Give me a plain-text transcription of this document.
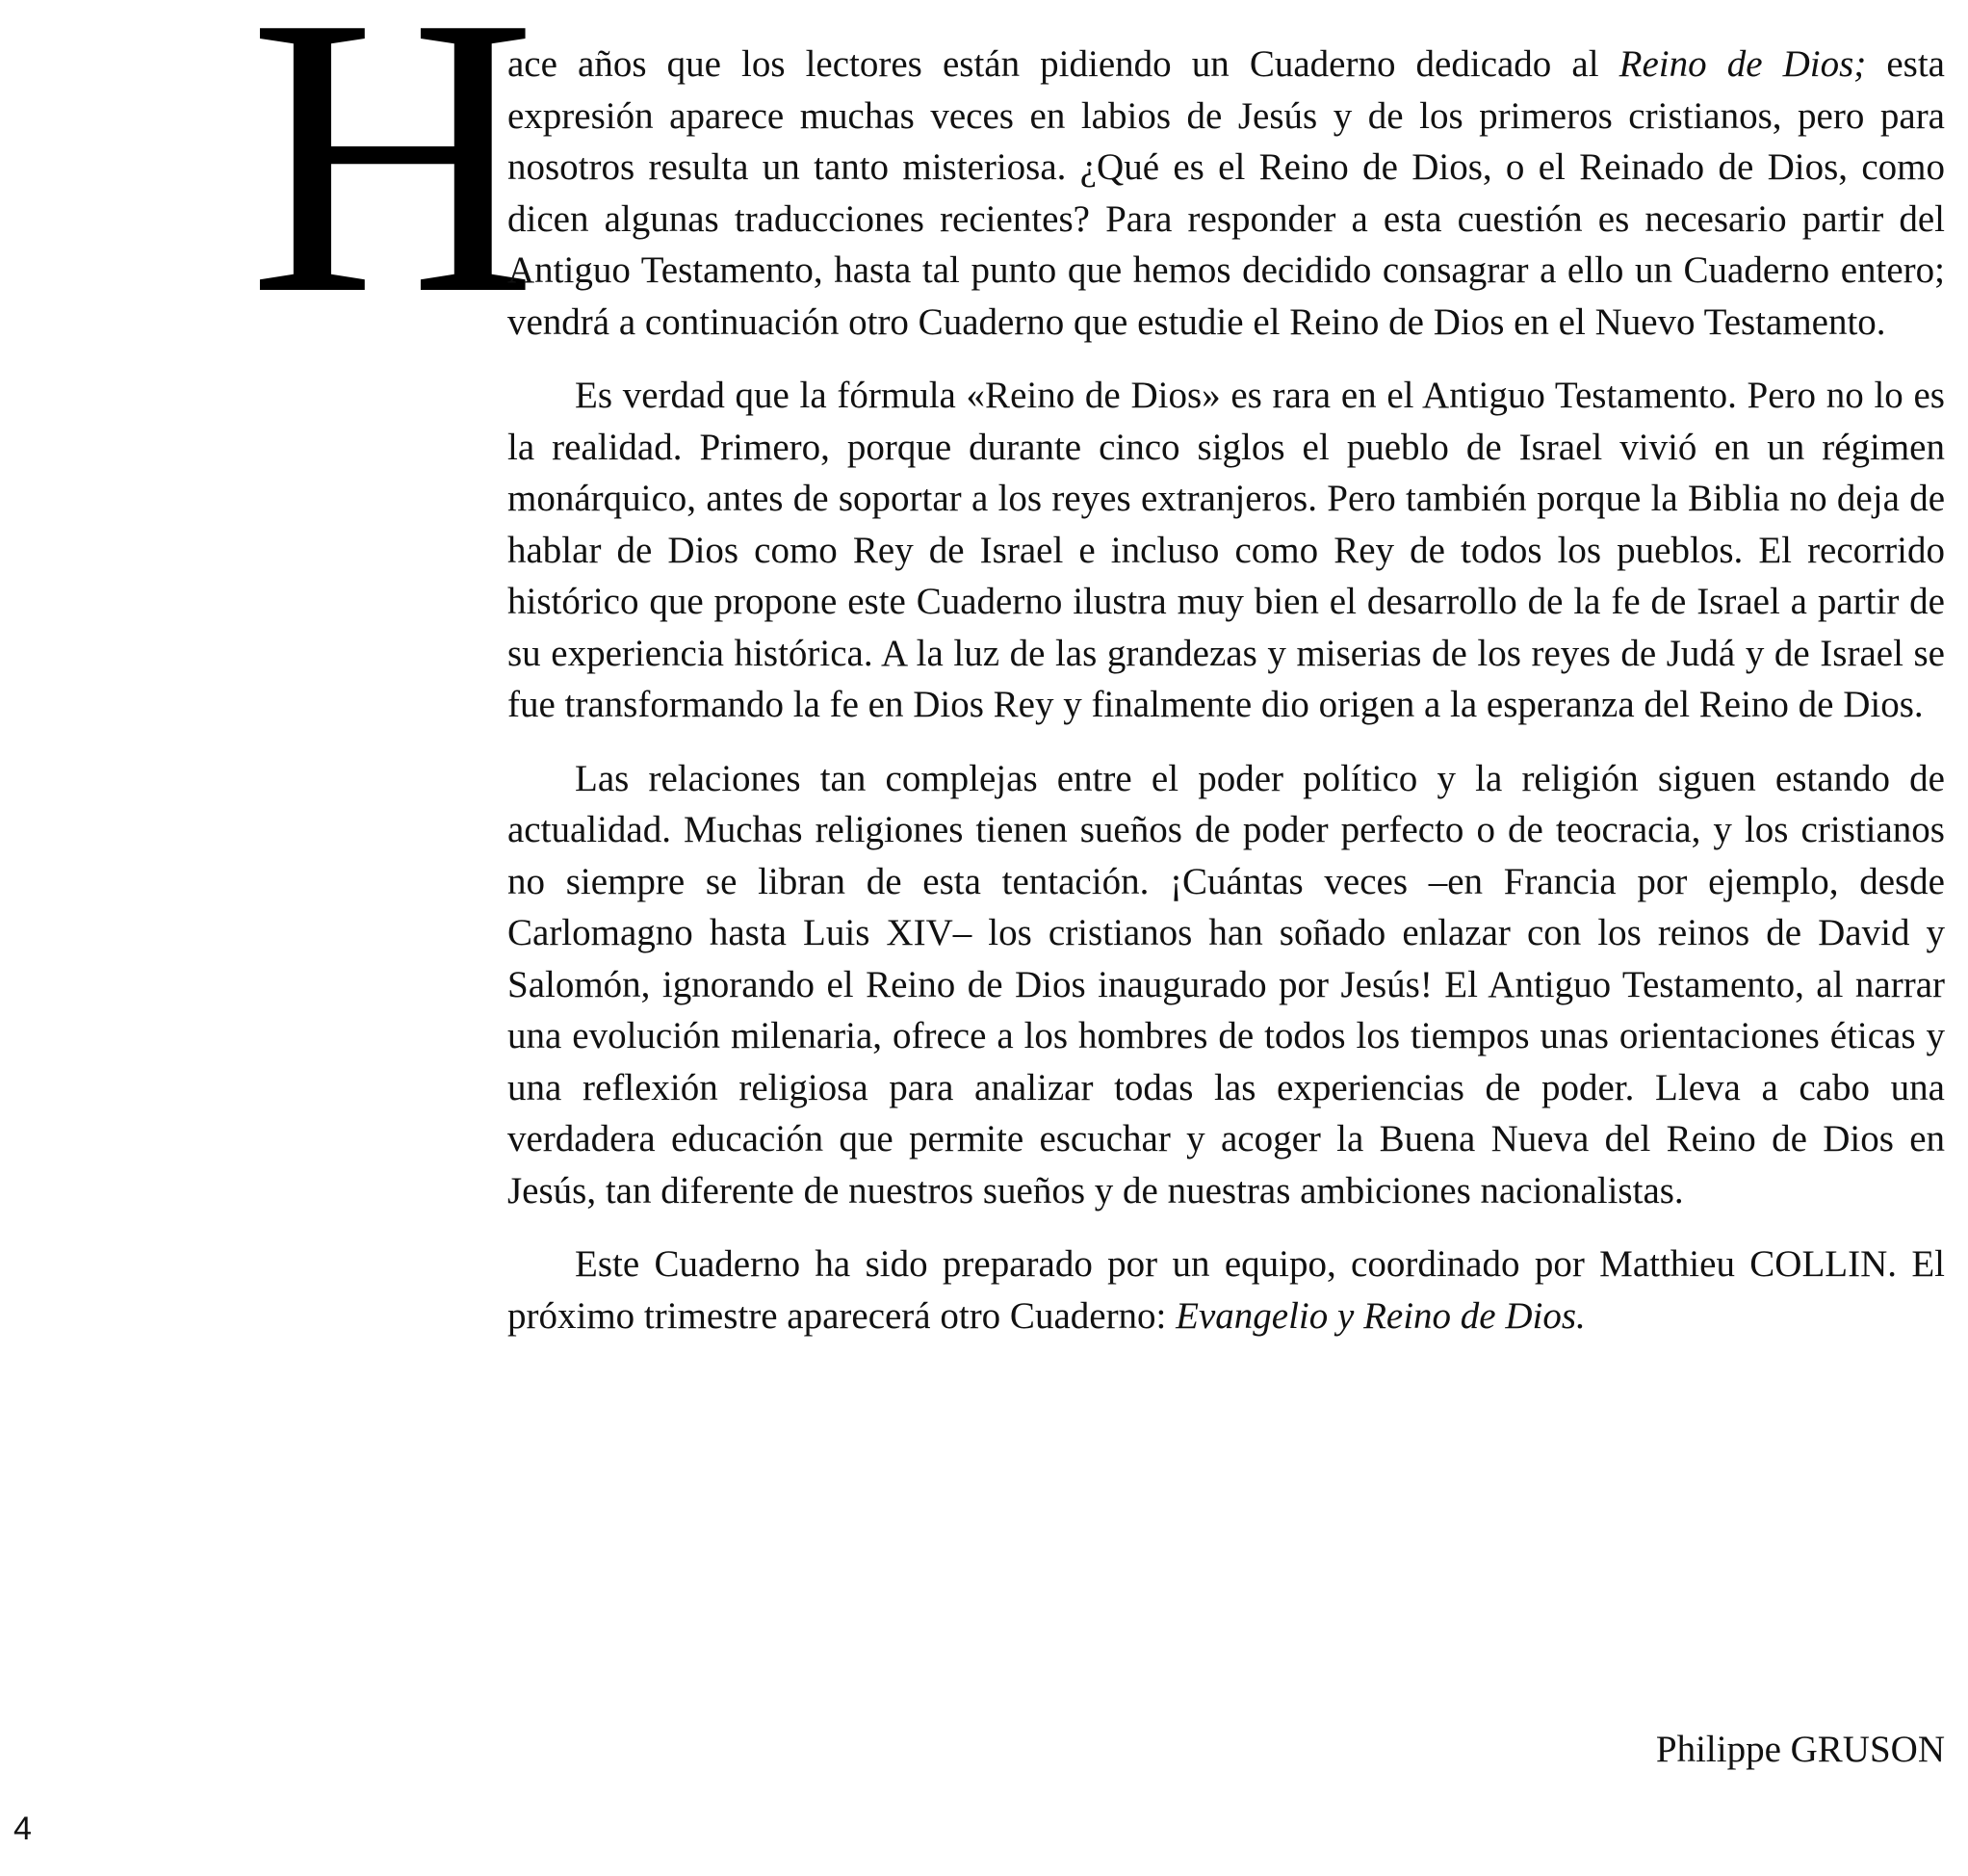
H

ace años que los lectores están pidiendo un Cuaderno dedicado al Reino de Dios; esta expresión aparece muchas veces en labios de Jesús y de los primeros cristianos, pero para nosotros resulta un tanto misteriosa. ¿Qué es el Reino de Dios, o el Reinado de Dios, como dicen algunas traducciones recientes? Para responder a esta cuestión es necesario partir del Antiguo Testamento, hasta tal punto que hemos decidido consagrar a ello un Cuaderno entero; vendrá a continuación otro Cuaderno que estudie el Reino de Dios en el Nuevo Testamento.

Es verdad que la fórmula «Reino de Dios» es rara en el Antiguo Testamento. Pero no lo es la realidad. Primero, porque durante cinco siglos el pueblo de Israel vivió en un régimen monárquico, antes de soportar a los reyes extranjeros. Pero también porque la Biblia no deja de hablar de Dios como Rey de Israel e incluso como Rey de todos los pueblos. El recorrido histórico que propone este Cuaderno ilustra muy bien el desarrollo de la fe de Israel a partir de su experiencia histórica. A la luz de las grandezas y miserias de los reyes de Judá y de Israel se fue transformando la fe en Dios Rey y finalmente dio origen a la esperanza del Reino de Dios.

Las relaciones tan complejas entre el poder político y la religión siguen estando de actualidad. Muchas religiones tienen sueños de poder perfecto o de teocracia, y los cristianos no siempre se libran de esta tentación. ¡Cuántas veces –en Francia por ejemplo, desde Carlomagno hasta Luis XIV– los cristianos han soñado enlazar con los reinos de David y Salomón, ignorando el Reino de Dios inaugurado por Jesús! El Antiguo Testamento, al narrar una evolución milenaria, ofrece a los hombres de todos los tiempos unas orientaciones éticas y una reflexión religiosa para analizar todas las experiencias de poder. Lleva a cabo una verdadera educación que permite escuchar y acoger la Buena Nueva del Reino de Dios en Jesús, tan diferente de nuestros sueños y de nuestras ambiciones nacionalistas.

Este Cuaderno ha sido preparado por un equipo, coordinado por Matthieu COLLIN. El próximo trimestre aparecerá otro Cuaderno: Evangelio y Reino de Dios.

Philippe GRUSON

4
